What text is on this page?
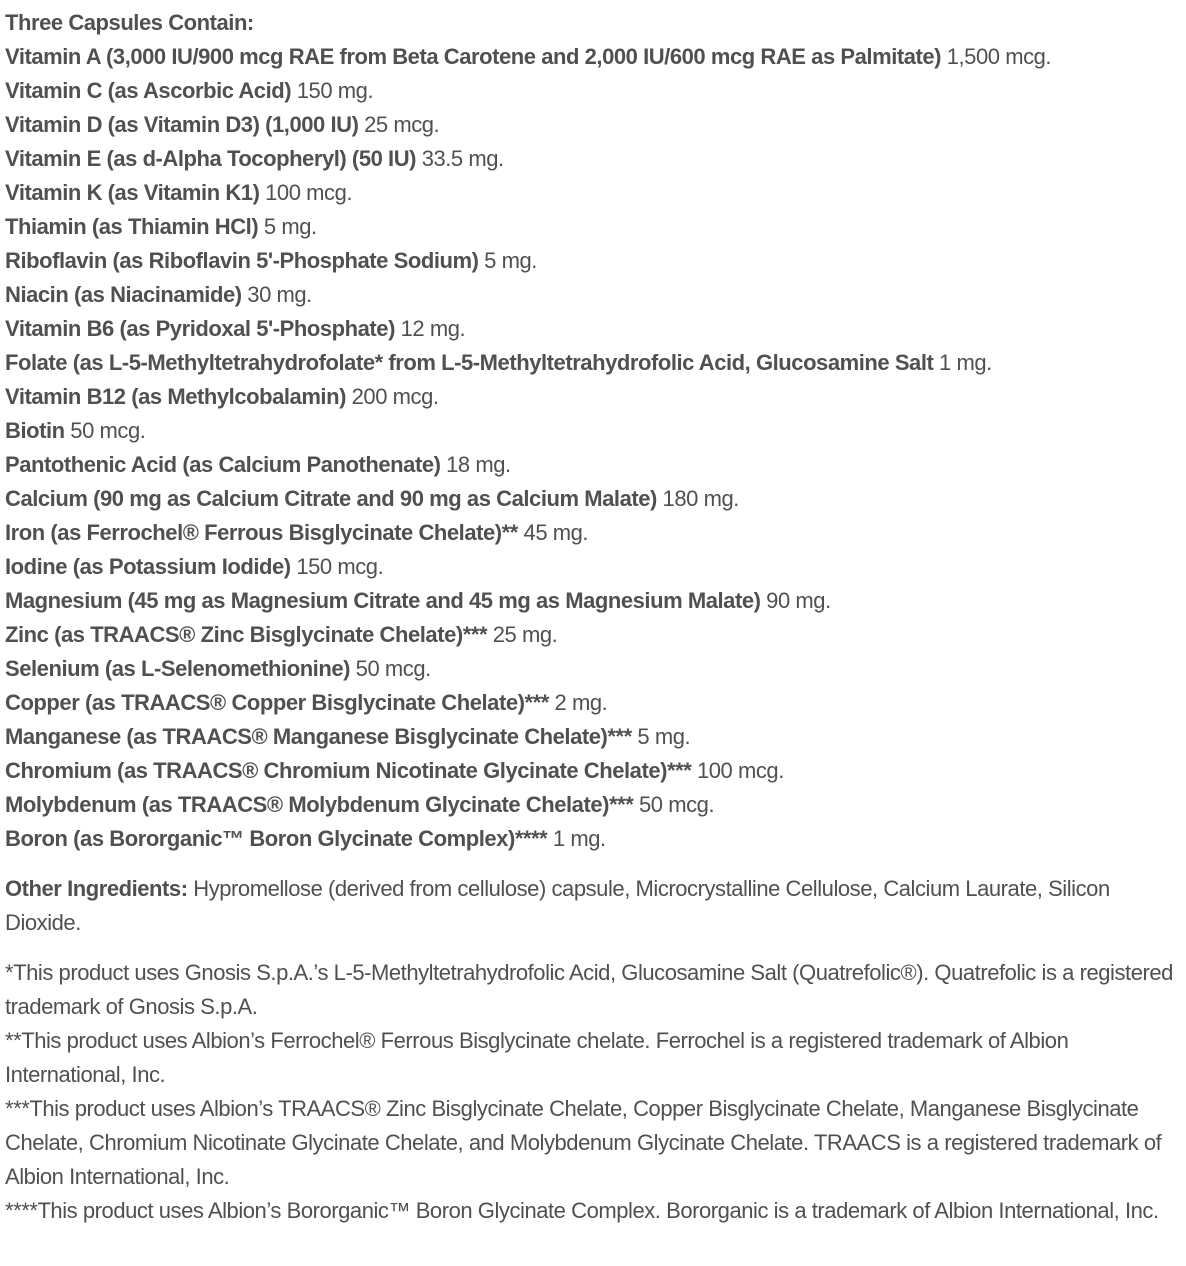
Three Capsules Contain:
Vitamin A (3,000 IU/900 mcg RAE from Beta Carotene and 2,000 IU/600 mcg RAE as Palmitate) 1,500 mcg.
Vitamin C (as Ascorbic Acid) 150 mg.
Vitamin D (as Vitamin D3) (1,000 IU) 25 mcg.
Vitamin E (as d-Alpha Tocopheryl) (50 IU) 33.5 mg.
Vitamin K (as Vitamin K1) 100 mcg.
Thiamin (as Thiamin HCl) 5 mg.
Riboflavin (as Riboflavin 5'-Phosphate Sodium) 5 mg.
Niacin (as Niacinamide) 30 mg.
Vitamin B6 (as Pyridoxal 5'-Phosphate) 12 mg.
Folate (as L-5-Methyltetrahydrofolate* from L-5-Methyltetrahydrofolic Acid, Glucosamine Salt 1 mg.
Vitamin B12 (as Methylcobalamin) 200 mcg.
Biotin 50 mcg.
Pantothenic Acid (as Calcium Panothenate) 18 mg.
Calcium (90 mg as Calcium Citrate and 90 mg as Calcium Malate) 180 mg.
Iron (as Ferrochel® Ferrous Bisglycinate Chelate)** 45 mg.
Iodine (as Potassium Iodide) 150 mcg.
Magnesium (45 mg as Magnesium Citrate and 45 mg as Magnesium Malate) 90 mg.
Zinc (as TRAACS® Zinc Bisglycinate Chelate)*** 25 mg.
Selenium (as L-Selenomethionine) 50 mcg.
Copper (as TRAACS® Copper Bisglycinate Chelate)*** 2 mg.
Manganese (as TRAACS® Manganese Bisglycinate Chelate)*** 5 mg.
Chromium (as TRAACS® Chromium Nicotinate Glycinate Chelate)*** 100 mcg.
Molybdenum (as TRAACS® Molybdenum Glycinate Chelate)*** 50 mcg.
Boron (as Bororganic™ Boron Glycinate Complex)**** 1 mg.
Other Ingredients: Hypromellose (derived from cellulose) capsule, Microcrystalline Cellulose, Calcium Laurate, Silicon Dioxide.

*This product uses Gnosis S.p.A.’s L-5-Methyltetrahydrofolic Acid, Glucosamine Salt (Quatrefolic®). Quatrefolic is a registered trademark of Gnosis S.p.A.

**This product uses Albion’s Ferrochel® Ferrous Bisglycinate chelate. Ferrochel is a registered trademark of Albion International, Inc.

***This product uses Albion’s TRAACS® Zinc Bisglycinate Chelate, Copper Bisglycinate Chelate, Manganese Bisglycinate Chelate, Chromium Nicotinate Glycinate Chelate, and Molybdenum Glycinate Chelate. TRAACS is a registered trademark of Albion International, Inc.

****This product uses Albion’s Bororganic™ Boron Glycinate Complex. Bororganic is a trademark of Albion International, Inc.
